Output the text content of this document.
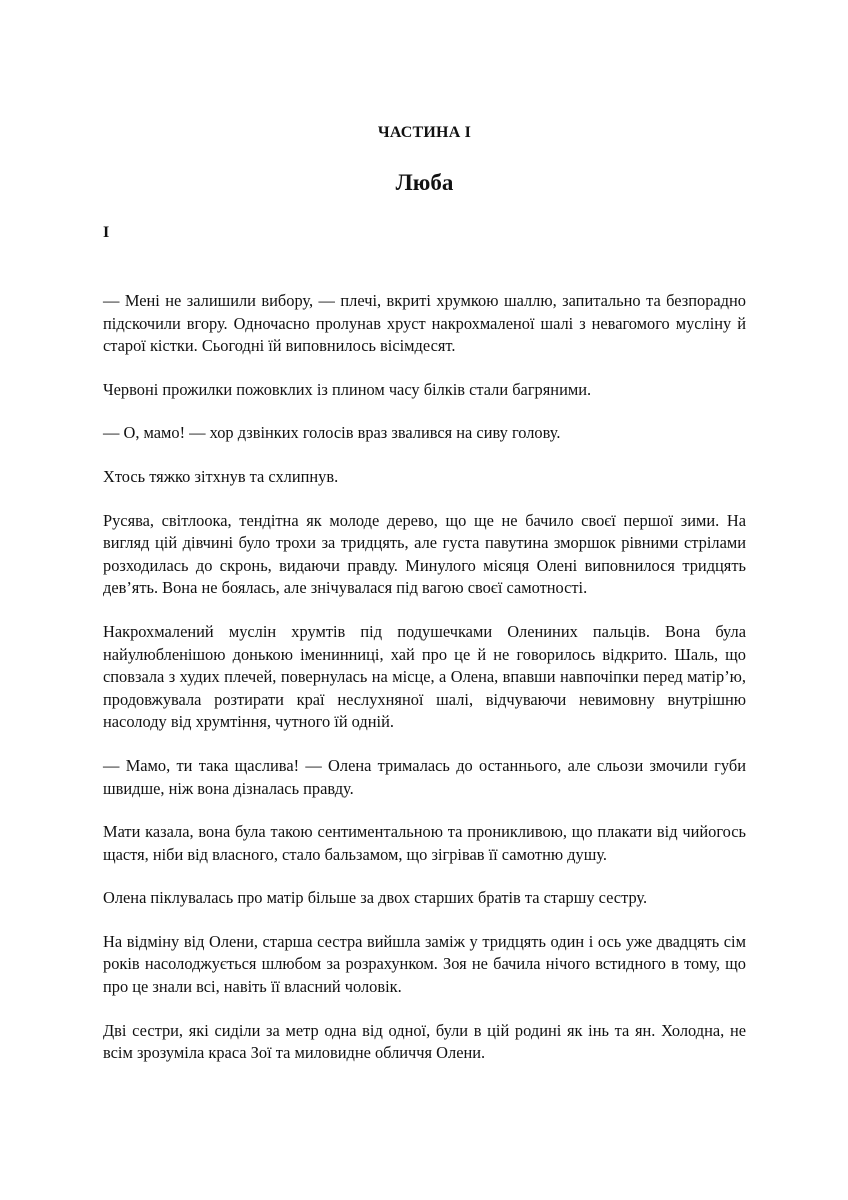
ЧАСТИНА І
Люба
І

— Мені не залишили вибору, — плечі, вкриті хрумкою шаллю, запитально та безпорадно підскочили вгору. Одночасно пролунав хруст накрохмаленої шалі з невагомого мусліну й старої кістки. Сьогодні їй виповнилось вісімдесят.

Червоні прожилки пожовклих із плином часу білків стали багряними.

— О, мамо! — хор дзвінких голосів враз звалився на сиву голову.

Хтось тяжко зітхнув та схлипнув.

Русява, світлоока, тендітна як молоде дерево, що ще не бачило своєї першої зими. На вигляд цій дівчині було трохи за тридцять, але густа павутина зморшок рівними стрілами розходилась до скронь, видаючи правду. Минулого місяця Олені виповнилося тридцять дев’ять. Вона не боялась, але знічувалася під вагою своєї самотності.

Накрохмалений муслін хрумтів під подушечками Олениних пальців. Вона була найулюбленішою донькою іменинниці, хай про це й не говорилось відкрито. Шаль, що сповзала з худих плечей, повернулась на місце, а Олена, впавши навпочіпки перед матір’ю, продовжувала розтирати краї неслухняної шалі, відчуваючи невимовну внутрішню насолоду від хрумтіння, чутного їй одній.

— Мамо, ти така щаслива! — Олена трималась до останнього, але сльози змочили губи швидше, ніж вона дізналась правду.

Мати казала, вона була такою сентиментальною та проникливою, що плакати від чийогось щастя, ніби від власного, стало бальзамом, що зігрівав її самотню душу.

Олена піклувалась про матір більше за двох старших братів та старшу сестру.

На відміну від Олени, старша сестра вийшла заміж у тридцять один і ось уже двадцять сім років насолоджується шлюбом за розрахунком. Зоя не бачила нічого встидного в тому, що про це знали всі, навіть її власний чоловік.

Дві сестри, які сиділи за метр одна від одної, були в цій родині як інь та ян. Холодна, не всім зрозуміла краса Зої та миловидне обличчя Олени.
